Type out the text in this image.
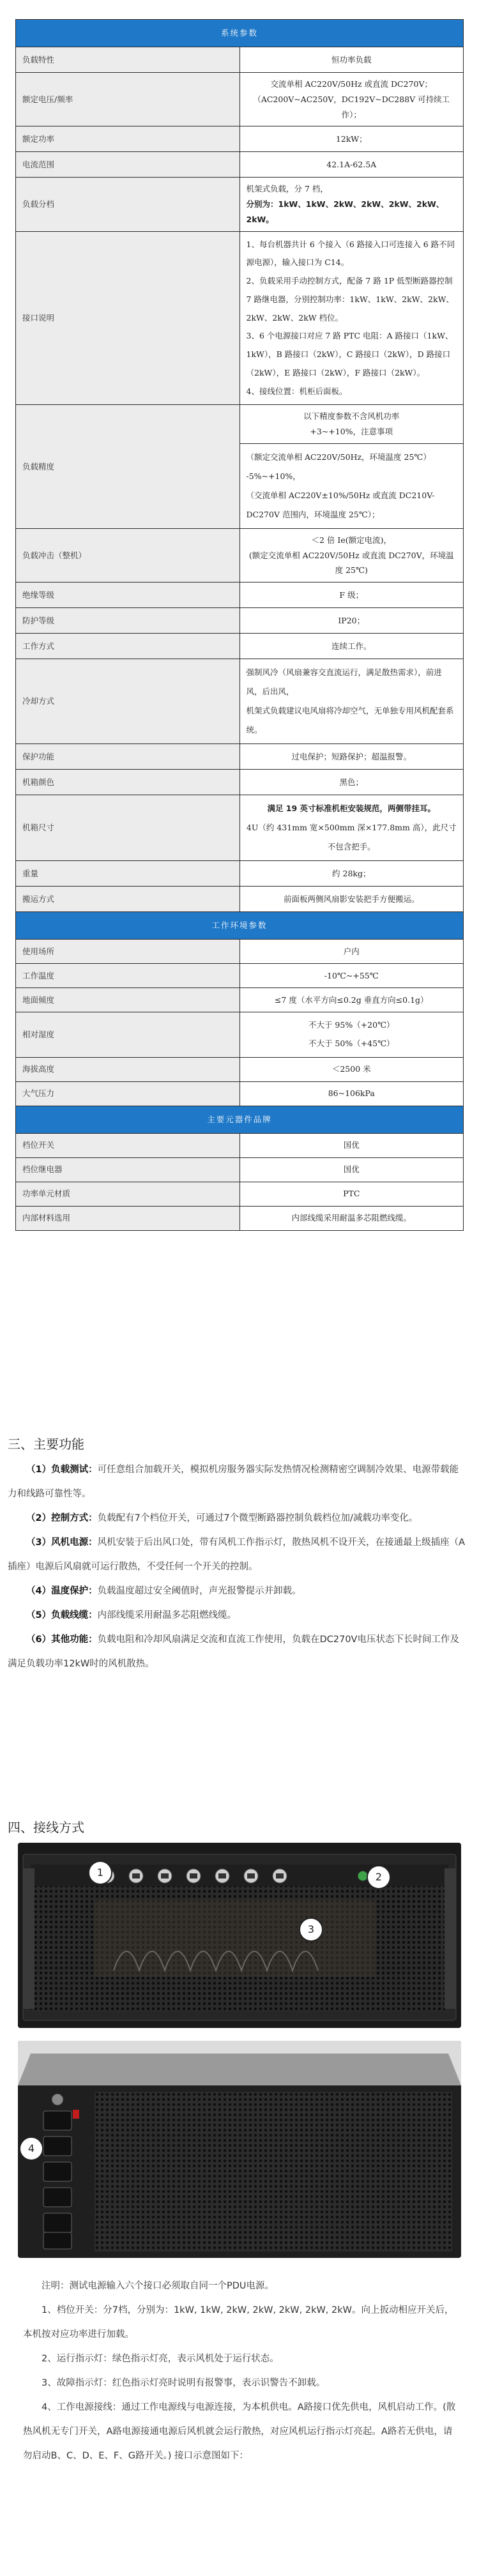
系统参数	
负载特性	恒功率负载
额定电压/频率	交流单相 AC220V/50Hz 或直流 DC270V；
（AC200V~AC250V，DC192V~DC288V 可持续工作）；

额定功率	12kW；
电流范围	42.1A-62.5A
负载分档	机架式负载，分 7 档，
分别为：1kW、1kW、2kW、2kW、2kW、2kW、2kW。

接口说明	1、每台机器共计 6 个接入（6 路接入口可连接入 6 路不同源电源），输入接口为 C14。
2、负载采用手动控制方式，配备 7 路 1P 低型断路器控制 7 路继电器，分别控制功率：1kW、1kW、2kW、2kW、2kW、2kW、2kW 档位。
3、6 个电源接口对应 7 路 PTC 电阻：A 路接口（1kW、1kW），B 路接口（2kW），C 路接口（2kW），D 路接口（2kW），E 路接口（2kW），F 路接口（2kW）。
4、接线位置：机柜后面板。

负载精度	以下精度参数不含风机功率
+3~+10%，注意事项

	（额定交流单相 AC220V/50Hz，环境温度 25℃）
-5%~+10%，
（交流单相 AC220V±10%/50Hz 或直流 DC210V-DC270V 范围内，环境温度 25℃）；

负载冲击（整机）	＜2 倍 Ie(额定电流)，
(额定交流单相 AC220V/50Hz 或直流 DC270V，环境温度 25℃)

绝缘等级	F 级；
防护等级	IP20；
工作方式	连续工作。
冷却方式	强制风冷（风扇兼容交直流运行，满足散热需求），前进风，后出风，
机架式负载建议电风扇将冷却空气，无单独专用风机配套系统。

保护功能	过电保护；短路保护；超温报警。
机箱颜色	黑色；
机箱尺寸	满足 19 英寸标准机柜安装规范，两侧带挂耳。
4U（约 431mm 宽×500mm 深×177.8mm 高），此尺寸不包含把手。

重量	约 28kg；
搬运方式	前面板两侧风扇影安装把手方便搬运。
工作环境参数	
使用场所	户内
工作温度	-10℃~+55℃
地面倾度	≤7 度（水平方向≤0.2g 垂直方向≤0.1g）
相对湿度	不大于 95%（+20℃）
不大于 50%（+45℃）

海拔高度	＜2500 米
大气压力	86~106kPa
主要元器件品牌	
档位开关	国优
档位继电器	国优
功率单元材质	PTC
内部材料选用	内部线缆采用耐温多芯阻燃线缆。
三、主要功能
（1）负载测试：可任意组合加载开关，模拟机房服务器实际发热情况检测精密空调制冷效果、电源带载能力和线路可靠性等。
（2）控制方式：负载配有7个档位开关，可通过7个微型断路器控制负载档位加/减载功率变化。
（3）风机电源：风机安装于后出风口处，带有风机工作指示灯，散热风机不设开关，在接通最上级插座（A插座）电源后风扇就可运行散热，不受任何一个开关的控制。
（4）温度保护：负载温度超过安全阈值时，声光报警提示并卸载。
（5）负载线缆：内部线缆采用耐温多芯阻燃线缆。
（6）其他功能：负载电阻和冷却风扇满足交流和直流工作使用，负载在DC270V电压状态下长时间工作及满足负载功率12kW时的风机散热。
四、接线方式
1	2
3
4

注明：测试电源输入六个接口必须取自同一个PDU电源。

1、档位开关：分7档，分别为：1kW, 1kW, 2kW, 2kW, 2kW, 2kW, 2kW。向上扳动相应开关后，本机按对应功率进行加载。

2、运行指示灯：绿色指示灯亮，表示风机处于运行状态。

3、故障指示灯：红色指示灯亮时说明有报警事，表示识警告不卸载。

4、工作电源接线：通过工作电源线与电源连接，为本机供电。A路接口优先供电，风机启动工作。(散热风机无专门开关，A路电源接通电源后风机就会运行散热，对应风机运行指示灯亮起。A路若无供电，请勿启动B、C、D、E、F、G路开关。) 接口示意图如下：
